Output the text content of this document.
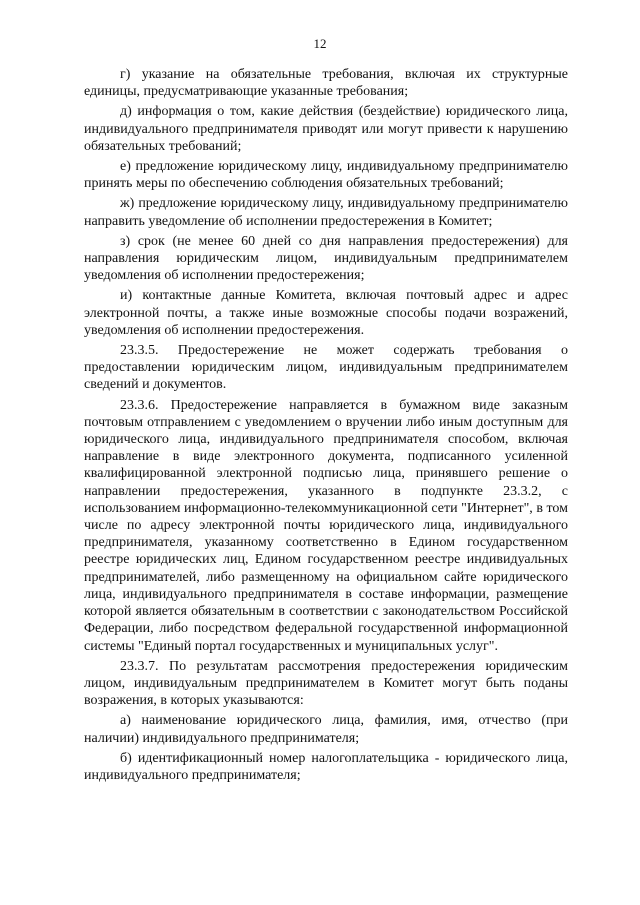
12

г) указание на обязательные требования, включая их структурные единицы, предусматривающие указанные требования;

д) информация о том, какие действия (бездействие) юридического лица, индивидуального предпринимателя приводят или могут привести к нарушению обязательных требований;

е) предложение юридическому лицу, индивидуальному предпринимателю принять меры по обеспечению соблюдения обязательных требований;

ж) предложение юридическому лицу, индивидуальному предпринимателю направить уведомление об исполнении предостережения в Комитет;

з) срок (не менее 60 дней со дня направления предостережения) для направления юридическим лицом, индивидуальным предпринимателем уведомления об исполнении предостережения;

и) контактные данные Комитета, включая почтовый адрес и адрес электронной почты, а также иные возможные способы подачи возражений, уведомления об исполнении предостережения.

23.3.5. Предостережение не может содержать требования о предоставлении юридическим лицом, индивидуальным предпринимателем сведений и документов.

23.3.6. Предостережение направляется в бумажном виде заказным почтовым отправлением с уведомлением о вручении либо иным доступным для юридического лица, индивидуального предпринимателя способом, включая направление в виде электронного документа, подписанного усиленной квалифицированной электронной подписью лица, принявшего решение о направлении предостережения, указанного в подпункте 23.3.2, с использованием информационно-телекоммуникационной сети "Интернет", в том числе по адресу электронной почты юридического лица, индивидуального предпринимателя, указанному соответственно в Едином государственном реестре юридических лиц, Едином государственном реестре индивидуальных предпринимателей, либо размещенному на официальном сайте юридического лица, индивидуального предпринимателя в составе информации, размещение которой является обязательным в соответствии с законодательством Российской Федерации, либо посредством федеральной государственной информационной системы "Единый портал государственных и муниципальных услуг".

23.3.7. По результатам рассмотрения предостережения юридическим лицом, индивидуальным предпринимателем в Комитет могут быть поданы возражения, в которых указываются:

а) наименование юридического лица, фамилия, имя, отчество (при наличии) индивидуального предпринимателя;

б) идентификационный номер налогоплательщика - юридического лица, индивидуального предпринимателя;
